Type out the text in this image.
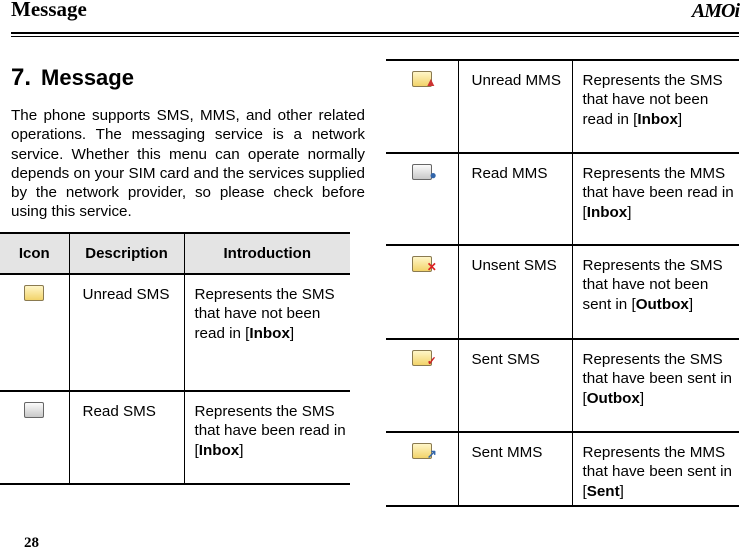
Message	AMOi
7. Message
The phone supports SMS, MMS, and other related operations. The messaging service is a network service. Whether this menu can operate normally depends on your SIM card and the services supplied by the network provider, so please check before using this service.
Icon	Description	Introduction

	Unread SMS	Represents the SMS that have not been read in [Inbox]

	Read SMS	Represents the SMS that have been read in [Inbox]
▲	Unread MMS	Represents the SMS that have not been read in [Inbox]

●	Read MMS	Represents the MMS that have been read in [Inbox]

✕	Unsent SMS	Represents the SMS that have not been sent in [Outbox]

✓	Sent SMS	Represents the SMS that have been sent in [Outbox]

↗	Sent MMS	Represents the MMS that have been sent in [Sent]
28
